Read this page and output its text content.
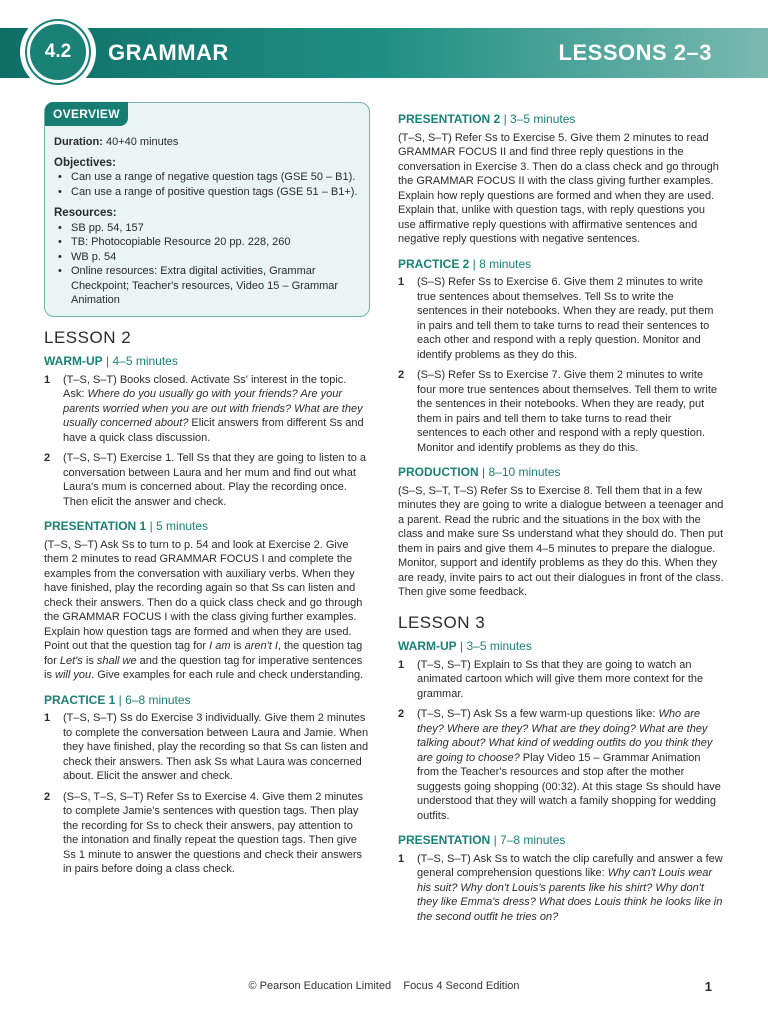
4.2	GRAMMAR	LESSONS 2–3
OVERVIEW

Duration: 40+40 minutes

Objectives:

• Can use a range of negative question tags (GSE 50 – B1).
• Can use a range of positive question tags (GSE 51 – B1+).

Resources:

• SB pp. 54, 157
• TB: Photocopiable Resource 20 pp. 228, 260
• WB p. 54
• Online resources: Extra digital activities, Grammar Checkpoint; Teacher's resources, Video 15 – Grammar Animation

LESSON 2

WARM-UP | 4–5 minutes

1 (T–S, S–T) Books closed. Activate Ss' interest in the topic. Ask: Where do you usually go with your friends? Are your parents worried when you are out with friends? What are they usually concerned about? Elicit answers from different Ss and have a quick class discussion.

2 (T–S, S–T) Exercise 1. Tell Ss that they are going to listen to a conversation between Laura and her mum and find out what Laura's mum is concerned about. Play the recording once. Then elicit the answer and check.

PRESENTATION 1 | 5 minutes

(T–S, S–T) Ask Ss to turn to p. 54 and look at Exercise 2. Give them 2 minutes to read GRAMMAR FOCUS I and complete the examples from the conversation with auxiliary verbs. When they have finished, play the recording again so that Ss can listen and check their answers. Then do a quick class check and go through the GRAMMAR FOCUS I with the class giving further examples. Explain how question tags are formed and when they are used. Point out that the question tag for I am is aren't I, the question tag for Let's is shall we and the question tag for imperative sentences is will you. Give examples for each rule and check understanding.

PRACTICE 1 | 6–8 minutes

1 (T–S, S–T) Ss do Exercise 3 individually. Give them 2 minutes to complete the conversation between Laura and Jamie. When they have finished, play the recording so that Ss can listen and check their answers. Then ask Ss what Laura was concerned about. Elicit the answer and check.

2 (S–S, T–S, S–T) Refer Ss to Exercise 4. Give them 2 minutes to complete Jamie's sentences with question tags. Then play the recording for Ss to check their answers, pay attention to the intonation and finally repeat the question tags. Then give Ss 1 minute to answer the questions and check their answers in pairs before doing a class check.

PRESENTATION 2 | 3–5 minutes

(T–S, S–T) Refer Ss to Exercise 5. Give them 2 minutes to read GRAMMAR FOCUS II and find three reply questions in the conversation in Exercise 3. Then do a class check and go through the GRAMMAR FOCUS II with the class giving further examples. Explain how reply questions are formed and when they are used. Explain that, unlike with question tags, with reply questions you use affirmative reply questions with affirmative sentences and negative reply questions with negative sentences.

PRACTICE 2 | 8 minutes

1 (S–S) Refer Ss to Exercise 6. Give them 2 minutes to write true sentences about themselves. Tell Ss to write the sentences in their notebooks. When they are ready, put them in pairs and tell them to take turns to read their sentences to each other and respond with a reply question. Monitor and identify problems as they do this.

2 (S–S) Refer Ss to Exercise 7. Give them 2 minutes to write four more true sentences about themselves. Tell them to write the sentences in their notebooks. When they are ready, put them in pairs and tell them to take turns to read their sentences to each other and respond with a reply question. Monitor and identify problems as they do this.

PRODUCTION | 8–10 minutes

(S–S, S–T, T–S) Refer Ss to Exercise 8. Tell them that in a few minutes they are going to write a dialogue between a teenager and a parent. Read the rubric and the situations in the box with the class and make sure Ss understand what they should do. Then put them in pairs and give them 4–5 minutes to prepare the dialogue. Monitor, support and identify problems as they do this. When they are ready, invite pairs to act out their dialogues in front of the class. Then give some feedback.

LESSON 3

WARM-UP | 3–5 minutes

1 (T–S, S–T) Explain to Ss that they are going to watch an animated cartoon which will give them more context for the grammar.

2 (T–S, S–T) Ask Ss a few warm-up questions like: Who are they? Where are they? What are they doing? What are they talking about? What kind of wedding outfits do you think they are going to choose? Play Video 15 – Grammar Animation from the Teacher's resources and stop after the mother suggests going shopping (00:32). At this stage Ss should have understood that they will watch a family shopping for wedding outfits.

PRESENTATION | 7–8 minutes

1 (T–S, S–T) Ask Ss to watch the clip carefully and answer a few general comprehension questions like: Why can't Louis wear his suit? Why don't Louis's parents like his shirt? Why don't they like Emma's dress? What does Louis think he looks like in the second outfit he tries on?

© Pearson Education Limited Focus 4 Second Edition	1
